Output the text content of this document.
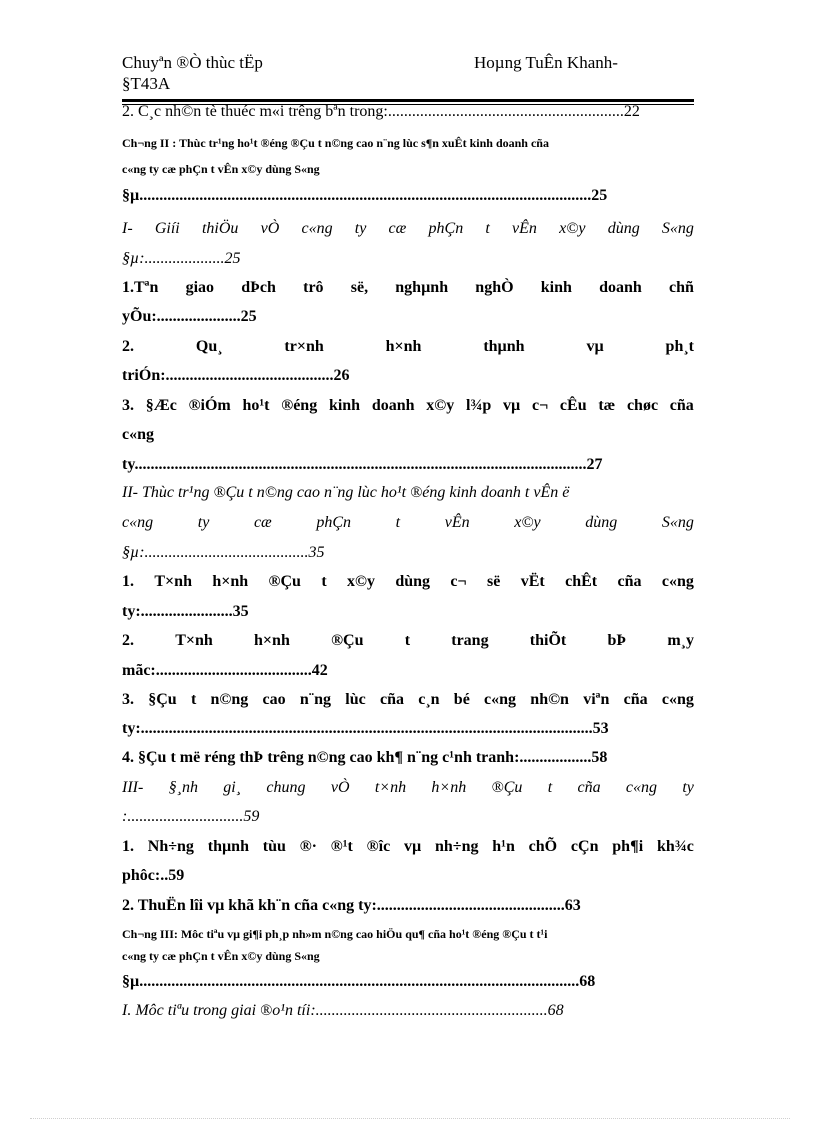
Chuyªn ®Ò thùc tËp	Hoµng TuÊn Khanh-
§T43A
2. C¸c nh©n tè thuéc m«i trêng bªn trong:...........................................................22
Ch¬ng II : Thùc tr¹ng ho¹t ®éng ®Çu t n©ng cao n¨ng lùc s¶n xuÊt kinh doanh cña
c«ng ty cæ phÇn t vÊn x©y dùng S«ng
§µ.................................................................................................................25
I- Giíi thiÖu vÒ c«ng ty cæ phÇn t vÊn x©y dùng S«ng
§µ:....................25
1.Tªn giao dÞch trô së, nghµnh nghÒ kinh doanh chñ
yÕu:.....................25
2.	Qu¸	tr×nh	h×nh	thµnh	vµ	ph¸t
triÓn:..........................................26
3. §Æc ®iÓm ho¹t ®éng kinh doanh x©y l¾p vµ c¬ cÊu tæ chøc cña
c«ng
ty.................................................................................................................27
II- Thùc tr¹ng ®Çu t n©ng cao n¨ng lùc ho¹t ®éng kinh doanh t vÊn ë
c«ng	ty	cæ	phÇn	t	vÊn	x©y	dùng	S«ng
§µ:.........................................35
1. T×nh h×nh ®Çu t x©y dùng c¬ së vËt chÊt cña c«ng
ty:.......................35
2.	T×nh	h×nh	®Çu	t	trang	thiÕt	bÞ	m¸y
mãc:.......................................42
3. §Çu t n©ng cao n¨ng lùc cña c¸n bé c«ng nh©n viªn cña c«ng
ty:.................................................................................................................53
4. §Çu t më réng thÞ trêng n©ng cao kh¶ n¨ng c¹nh tranh:..................58
III- §¸nh gi¸ chung vÒ t×nh h×nh ®Çu t cña c«ng ty
:.............................59
1. Nh÷ng thµnh tùu ®· ®¹t ®îc vµ nh÷ng h¹n chÕ cÇn ph¶i kh¾c
phôc:..59
2. ThuËn lîi vµ khã kh¨n cña c«ng ty:...............................................63
Ch¬ng III: Môc tiªu vµ gi¶i ph¸p nh»m n©ng cao hiÖu qu¶ cña ho¹t ®éng ®Çu t t¹i
c«ng ty cæ phÇn t vÊn x©y dùng S«ng
§µ..............................................................................................................68
I. Môc tiªu trong giai ®o¹n tíi:..........................................................68
